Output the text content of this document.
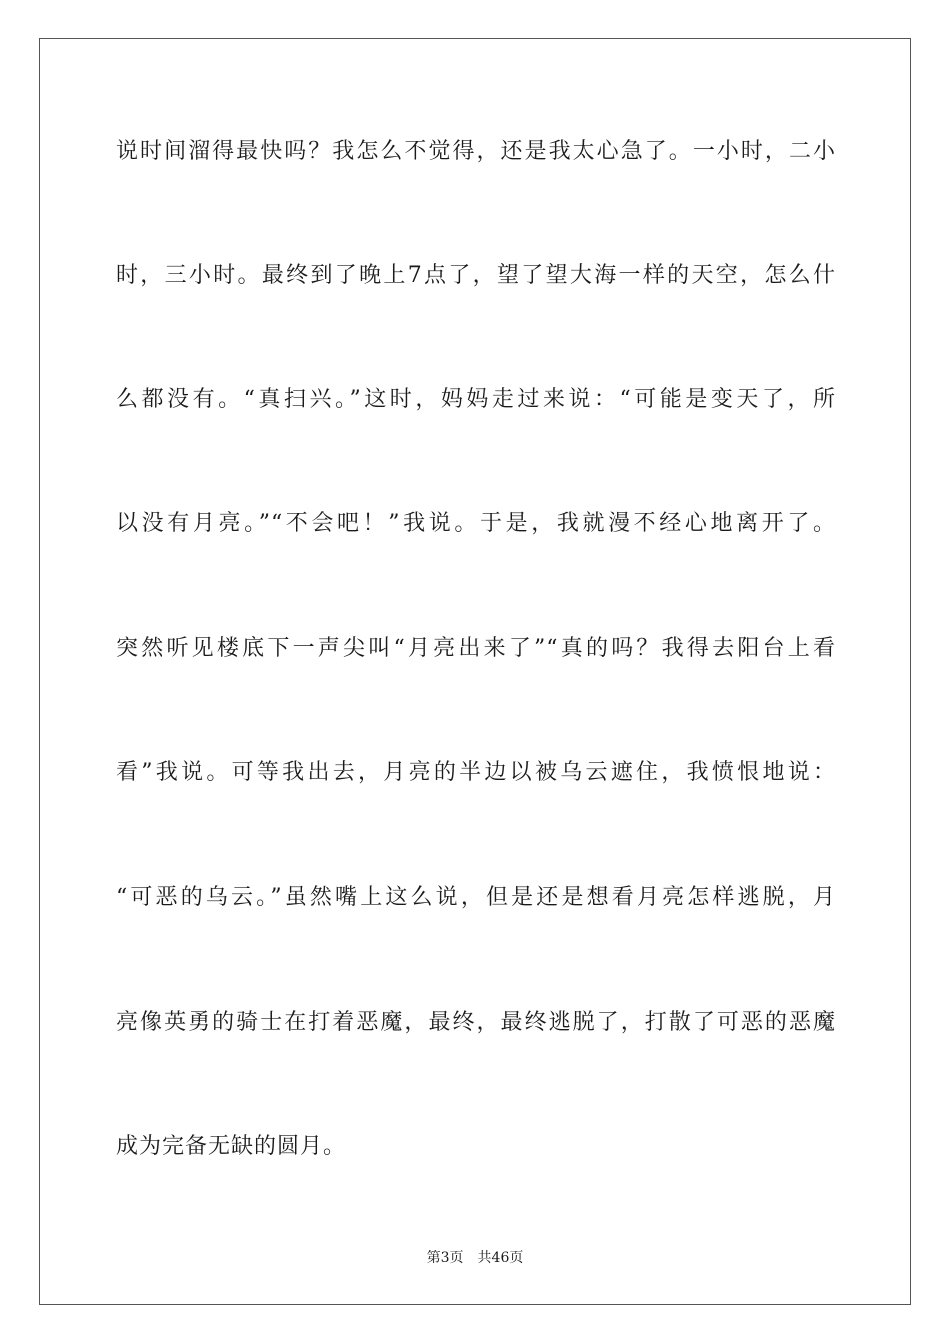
说时间溜得最快吗？我怎么不觉得，还是我太心急了。一小时，二小
时，三小时。最终到了晚上7点了，望了望大海一样的天空，怎么什
么都没有。“真扫兴。”这时，妈妈走过来说：“可能是变天了，所
以没有月亮。”“不会吧！”我说。于是，我就漫不经心地离开了。
突然听见楼底下一声尖叫“月亮出来了”“真的吗？我得去阳台上看
看”我说。可等我出去，月亮的半边以被乌云遮住，我愤恨地说：
“可恶的乌云。”虽然嘴上这么说，但是还是想看月亮怎样逃脱，月
亮像英勇的骑士在打着恶魔，最终，最终逃脱了，打散了可恶的恶魔
成为完备无缺的圆月。
第3页 共46页
